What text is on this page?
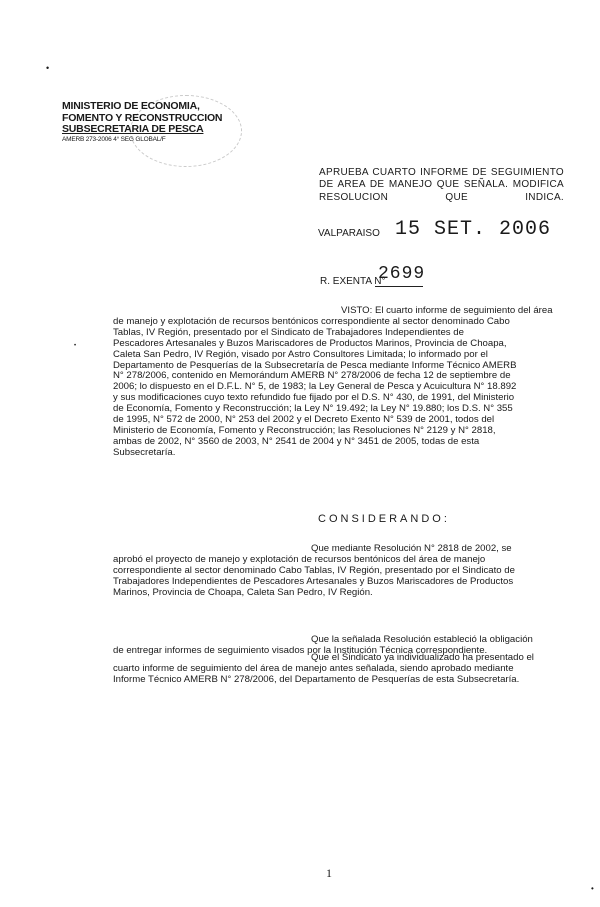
•
MINISTERIO DE ECONOMIA,
FOMENTO Y RECONSTRUCCION
SUBSECRETARIA DE PESCA
AMERB 273-2006 4° SEG GLOBAL/F
APRUEBA CUARTO INFORME DE SEGUIMIENTO DE AREA DE MANEJO QUE SEÑALA. MODIFICA RESOLUCION QUE INDICA.
VALPARAISO 15 SET. 2006
R. EXENTA N°
2699
•
VISTO: El cuarto informe de seguimiento del área
de manejo y explotación de recursos bentónicos correspondiente al sector denominado Cabo
Tablas, IV Región, presentado por el Sindicato de Trabajadores Independientes de
Pescadores Artesanales y Buzos Mariscadores de Productos Marinos, Provincia de Choapa,
Caleta San Pedro, IV Región, visado por Astro Consultores Limitada; lo informado por el
Departamento de Pesquerías de la Subsecretaría de Pesca mediante Informe Técnico AMERB
N° 278/2006, contenido en Memorándum AMERB N° 278/2006 de fecha 12 de septiembre de
2006; lo dispuesto en el D.F.L. N° 5, de 1983; la Ley General de Pesca y Acuicultura N° 18.892
y sus modificaciones cuyo texto refundido fue fijado por el D.S. N° 430, de 1991, del Ministerio
de Economía, Fomento y Reconstrucción; la Ley N° 19.492; la Ley N° 19.880; los D.S. N° 355
de 1995, N° 572 de 2000, N° 253 del 2002 y el Decreto Exento N° 539 de 2001, todos del
Ministerio de Economía, Fomento y Reconstrucción; las Resoluciones N° 2129 y N° 2818,
ambas de 2002, N° 3560 de 2003, N° 2541 de 2004 y N° 3451 de 2005, todas de esta
Subsecretaría.
CONSIDERANDO:
Que mediante Resolución N° 2818 de 2002, se
aprobó el proyecto de manejo y explotación de recursos bentónicos del área de manejo
correspondiente al sector denominado Cabo Tablas, IV Región, presentado por el Sindicato de
Trabajadores Independientes de Pescadores Artesanales y Buzos Mariscadores de Productos
Marinos, Provincia de Choapa, Caleta San Pedro, IV Región.
Que la señalada Resolución estableció la obligación
de entregar informes de seguimiento visados por la Institución Técnica correspondiente.
Que el Sindicato ya individualizado ha presentado el
cuarto informe de seguimiento del área de manejo antes señalada, siendo aprobado mediante
Informe Técnico AMERB N° 278/2006, del Departamento de Pesquerías de esta Subsecretaría.
1
•
